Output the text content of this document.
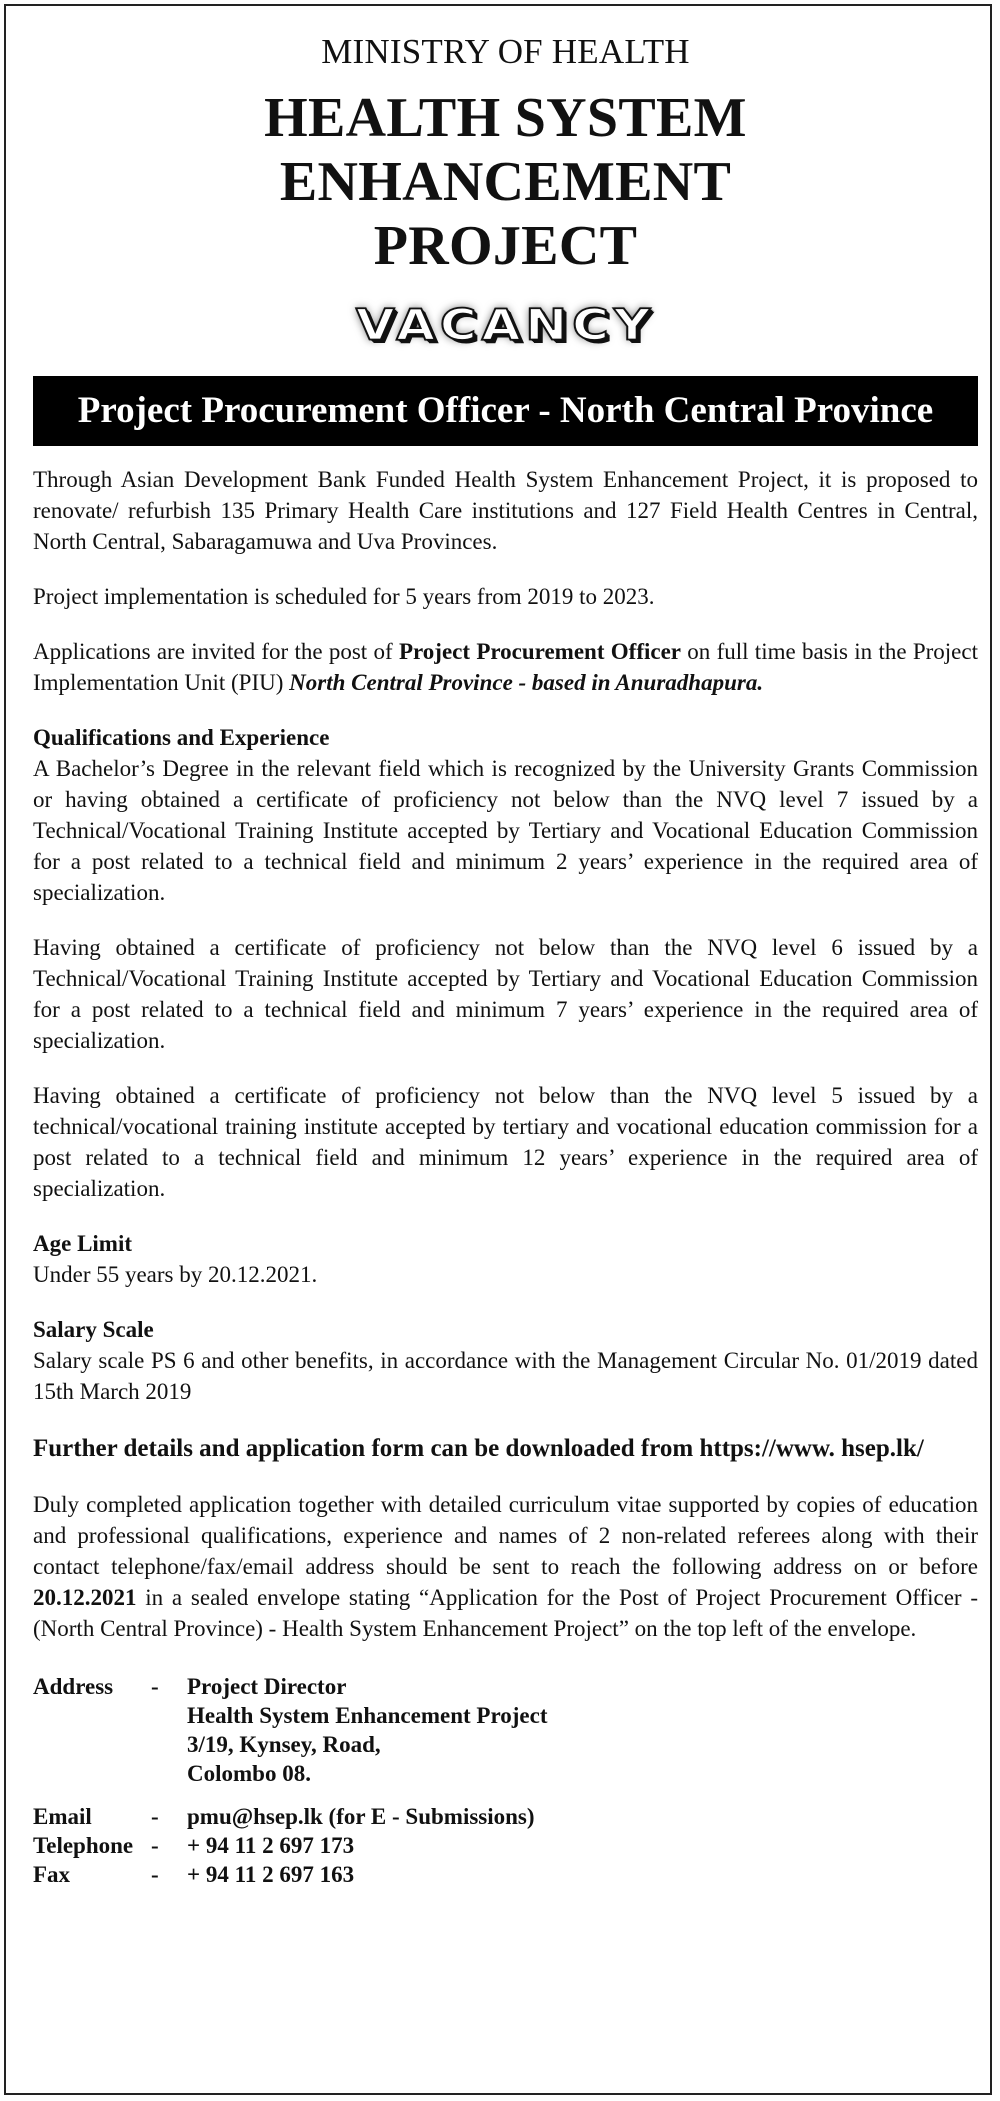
MINISTRY OF HEALTH
HEALTH SYSTEM ENHANCEMENT
PROJECT
VACANCY
Project Procurement Officer - North Central Province

Through Asian Development Bank Funded Health System Enhancement Project, it is proposed to renovate/ refurbish 135 Primary Health Care institutions and 127 Field Health Centres in Central, North Central, Sabaragamuwa and Uva Provinces.

Project implementation is scheduled for 5 years from 2019 to 2023.

Applications are invited for the post of Project Procurement Officer on full time basis in the Project Implementation Unit (PIU) North Central Province - based in Anuradhapura.

Qualifications and Experience

A Bachelor’s Degree in the relevant field which is recognized by the University Grants Commission or having obtained a certificate of proficiency not below than the NVQ level 7 issued by a Technical/Vocational Training Institute accepted by Tertiary and Vocational Education Commission for a post related to a technical field and minimum 2 years’ experience in the required area of specialization.

Having obtained a certificate of proficiency not below than the NVQ level 6 issued by a Technical/Vocational Training Institute accepted by Tertiary and Vocational Education Commission for a post related to a technical field and minimum 7 years’ experience in the required area of specialization.

Having obtained a certificate of proficiency not below than the NVQ level 5 issued by a technical/vocational training institute accepted by tertiary and vocational education commission for a post related to a technical field and minimum 12 years’ experience in the required area of specialization.

Age Limit

Under 55 years by 20.12.2021.

Salary Scale

Salary scale PS 6 and other benefits, in accordance with the Management Circular No. 01/2019 dated 15th March 2019

Further details and application form can be downloaded from https://www. hsep.lk/

Duly completed application together with detailed curriculum vitae supported by copies of education and professional qualifications, experience and names of 2 non-related referees along with their contact telephone/fax/email address should be sent to reach the following address on or before 20.12.2021 in a sealed envelope stating “Application for the Post of Project Procurement Officer - (North Central Province) - Health System Enhancement Project” on the top left of the envelope.

Address	-	Project Director
		Health System Enhancement Project
		3/19, Kynsey, Road,
		Colombo 08.

Email	-	pmu@hsep.lk (for E - Submissions)
Telephone	-	+ 94 11 2 697 173
Fax	-	+ 94 11 2 697 163
